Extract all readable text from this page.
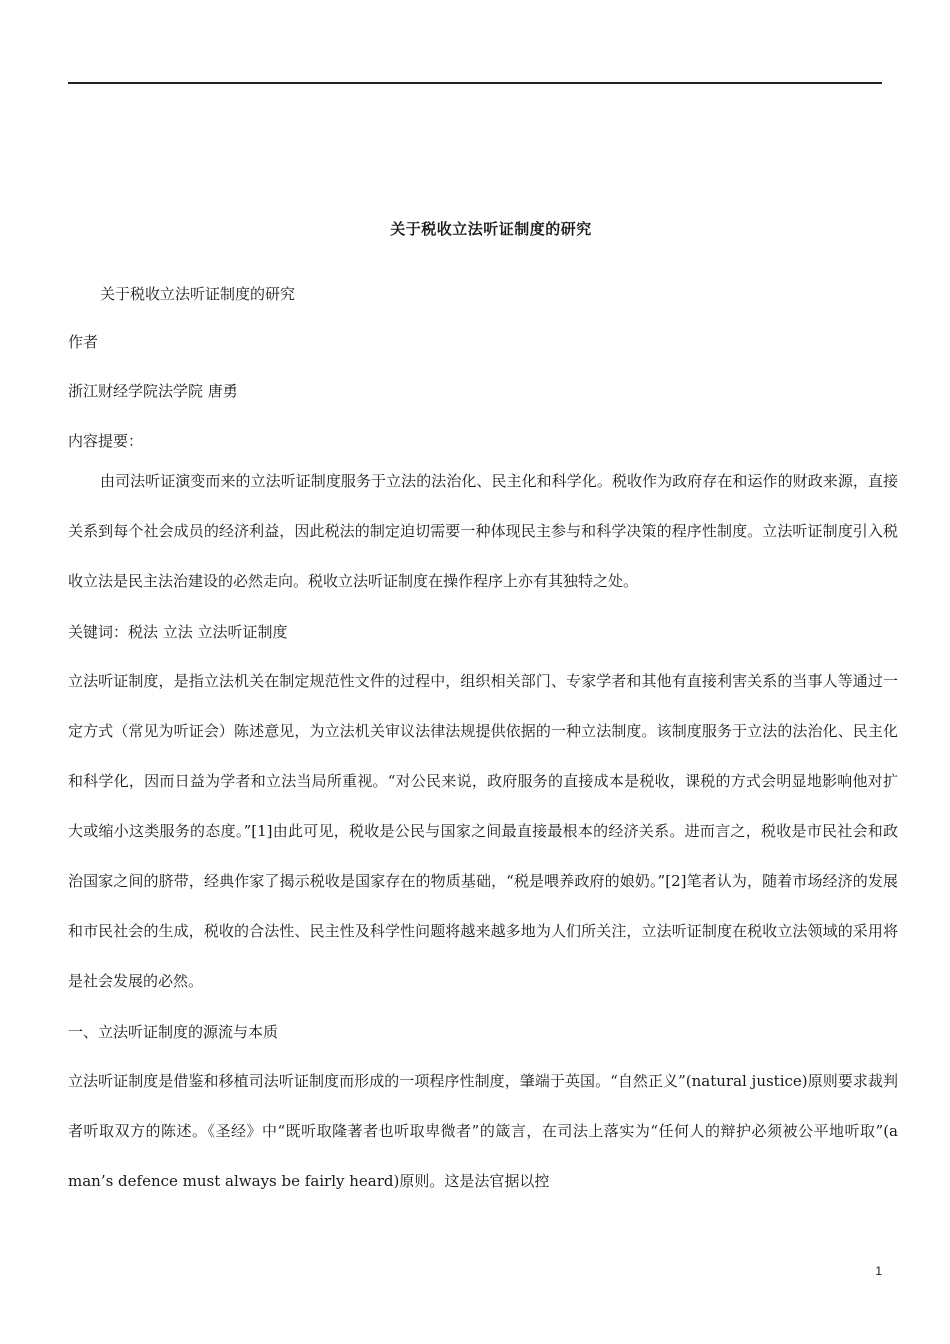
关于税收立法听证制度的研究
关于税收立法听证制度的研究
作者
浙江财经学院法学院 唐勇
内容提要：
由司法听证演变而来的立法听证制度服务于立法的法治化、民主化和科学化。税收作为政府存在和运作的财政来源，直接关系到每个社会成员的经济利益，因此税法的制定迫切需要一种体现民主参与和科学决策的程序性制度。立法听证制度引入税收立法是民主法治建设的必然走向。税收立法听证制度在操作程序上亦有其独特之处。
关键词：税法 立法 立法听证制度
立法听证制度，是指立法机关在制定规范性文件的过程中，组织相关部门、专家学者和其他有直接利害关系的当事人等通过一定方式（常见为听证会）陈述意见，为立法机关审议法律法规提供依据的一种立法制度。该制度服务于立法的法治化、民主化和科学化，因而日益为学者和立法当局所重视。“对公民来说，政府服务的直接成本是税收，课税的方式会明显地影响他对扩大或缩小这类服务的态度。”[1]由此可见，税收是公民与国家之间最直接最根本的经济关系。进而言之，税收是市民社会和政治国家之间的脐带，经典作家了揭示税收是国家存在的物质基础，“税是喂养政府的娘奶。”[2]笔者认为，随着市场经济的发展和市民社会的生成，税收的合法性、民主性及科学性问题将越来越多地为人们所关注，立法听证制度在税收立法领域的采用将是社会发展的必然。
一、立法听证制度的源流与本质
立法听证制度是借鉴和移植司法听证制度而形成的一项程序性制度，肇端于英国。“自然正义”(natural justice)原则要求裁判者听取双方的陈述。《圣经》中“既听取隆著者也听取卑微者”的箴言，在司法上落实为“任何人的辩护必须被公平地听取”(a man’s defence must always be fairly heard)原则。这是法官据以控
1
